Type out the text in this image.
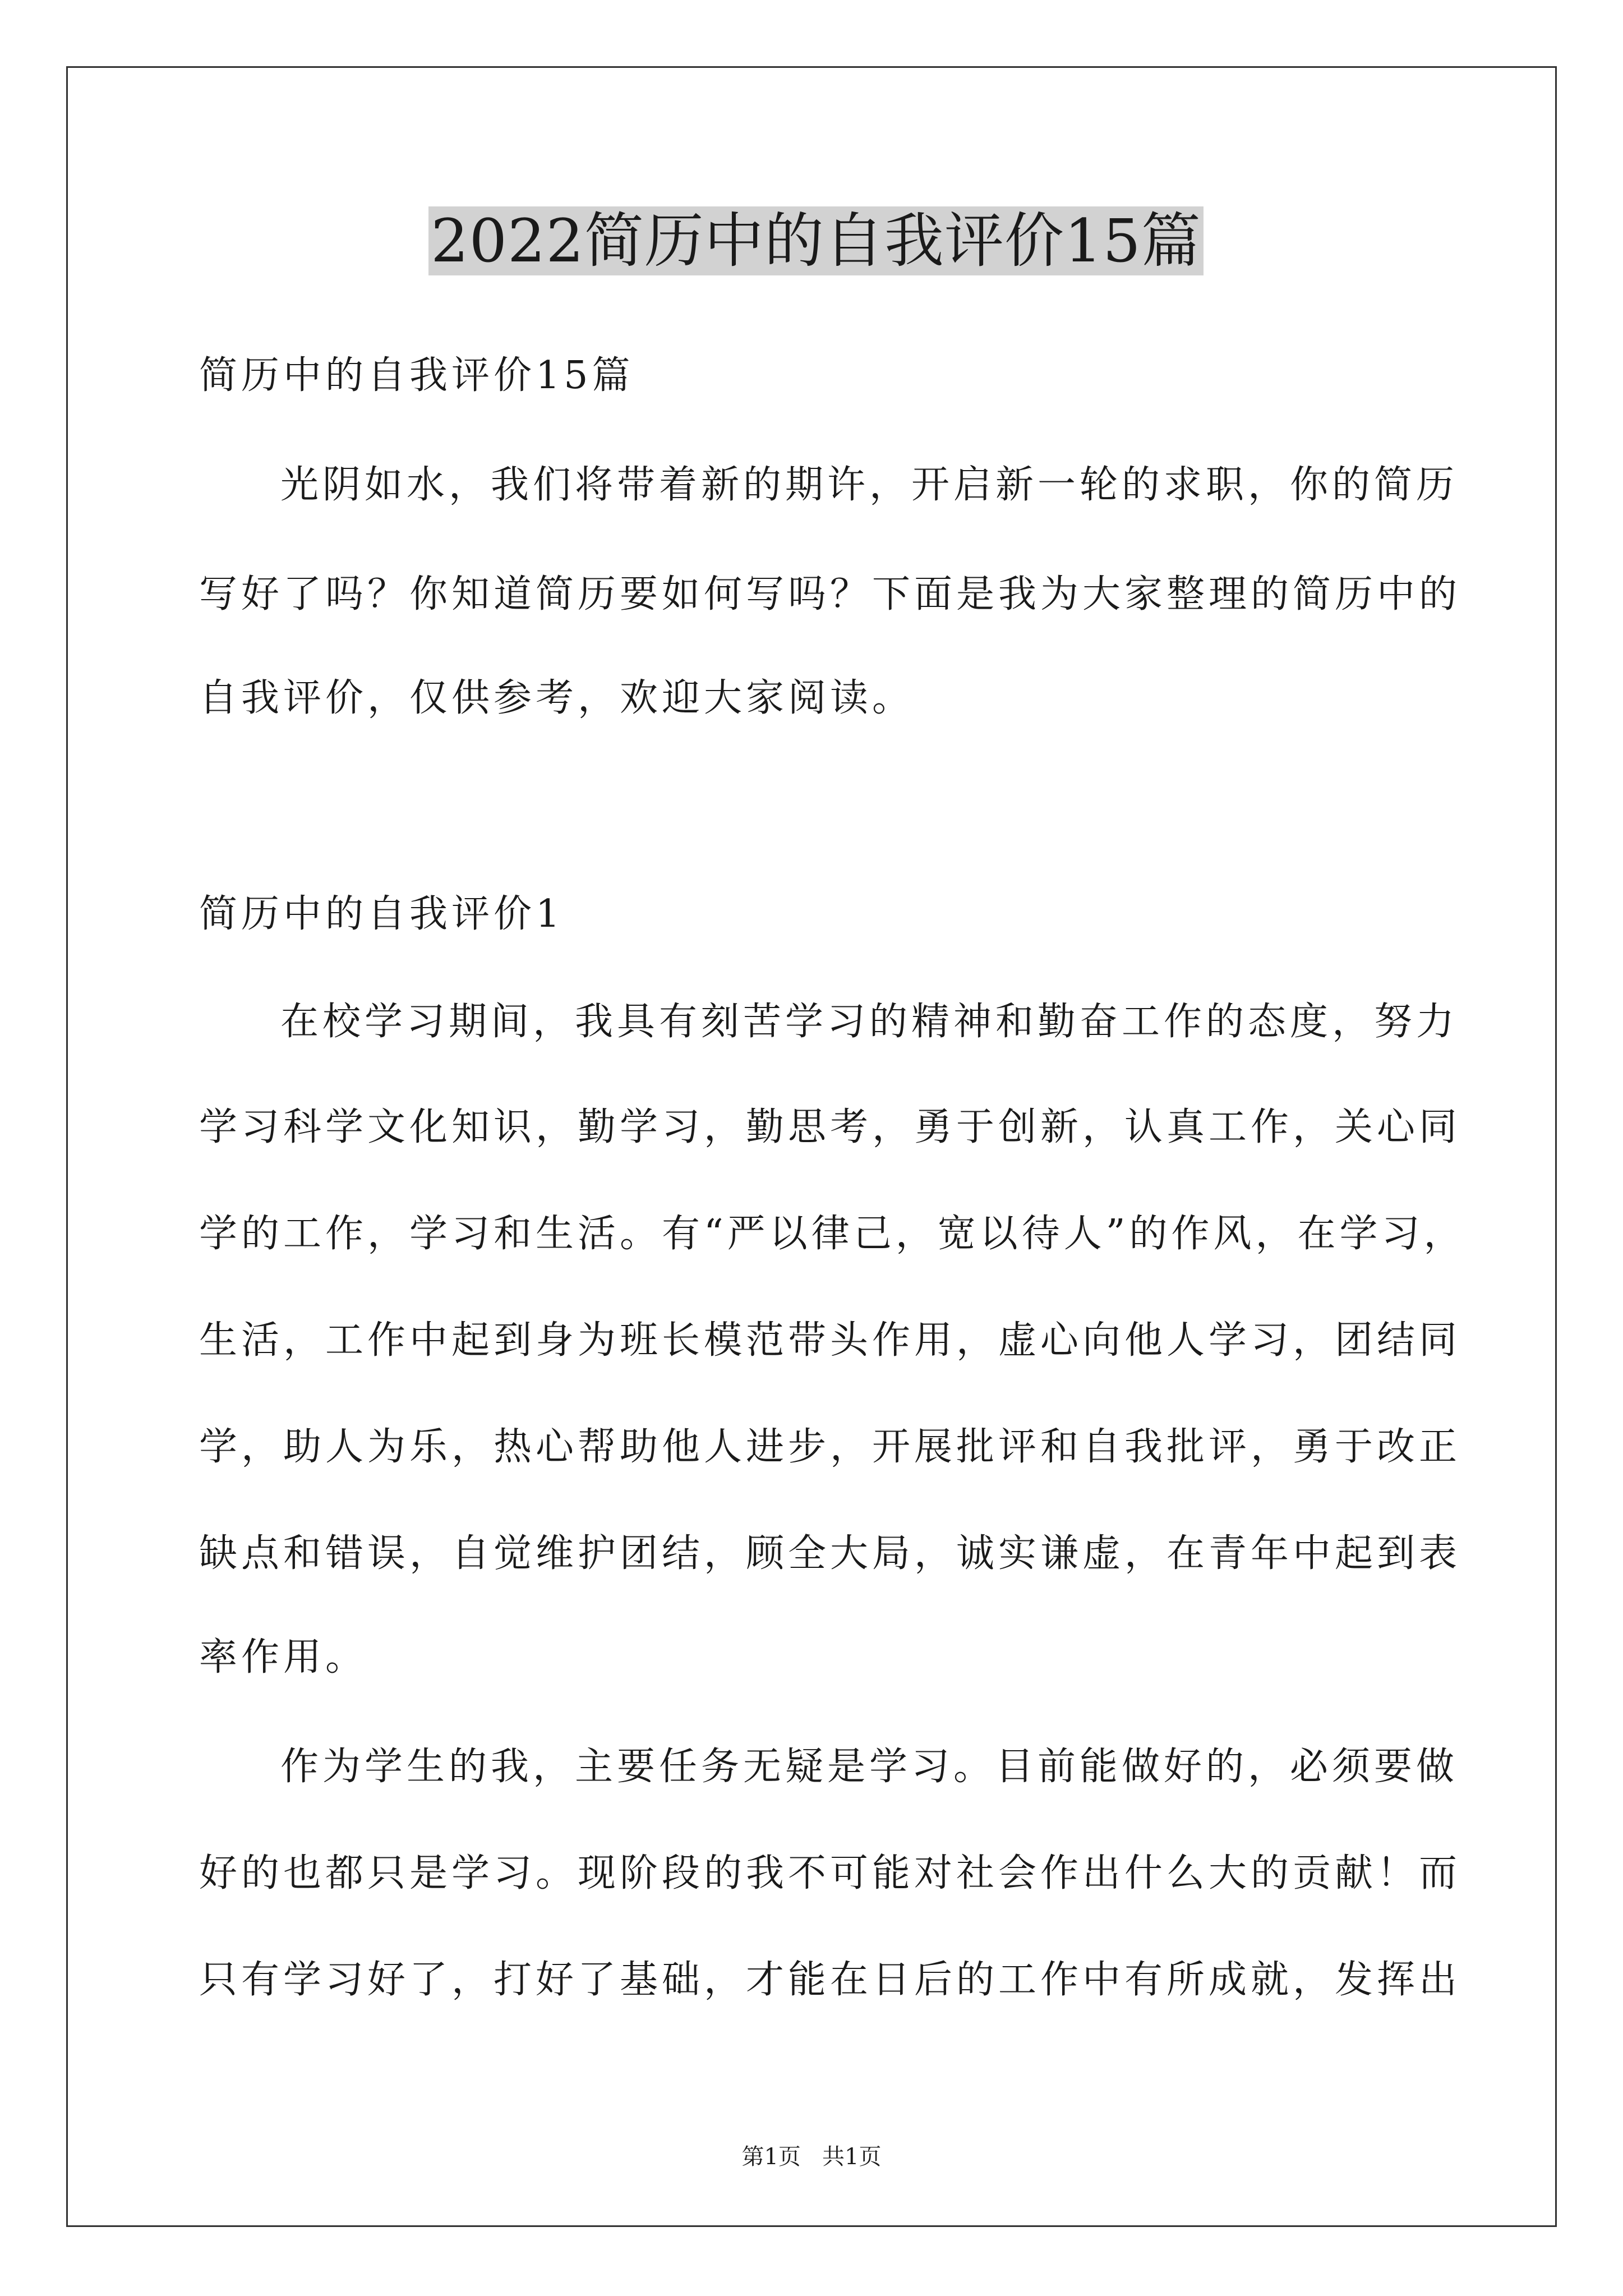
2022简历中的自我评价15篇
简历中的自我评价15篇
光阴如水，我们将带着新的期许，开启新一轮的求职，你的简历
写好了吗？你知道简历要如何写吗？下面是我为大家整理的简历中的
自我评价，仅供参考，欢迎大家阅读。
简历中的自我评价1
在校学习期间，我具有刻苦学习的精神和勤奋工作的态度，努力
学习科学文化知识，勤学习，勤思考，勇于创新，认真工作，关心同
学的工作，学习和生活。有“严以律己，宽以待人”的作风，在学习，
生活，工作中起到身为班长模范带头作用，虚心向他人学习，团结同
学，助人为乐，热心帮助他人进步，开展批评和自我批评，勇于改正
缺点和错误，自觉维护团结，顾全大局，诚实谦虚，在青年中起到表
率作用。
作为学生的我，主要任务无疑是学习。目前能做好的，必须要做
好的也都只是学习。现阶段的我不可能对社会作出什么大的贡献！而
只有学习好了，打好了基础，才能在日后的工作中有所成就，发挥出
第1页   共1页
